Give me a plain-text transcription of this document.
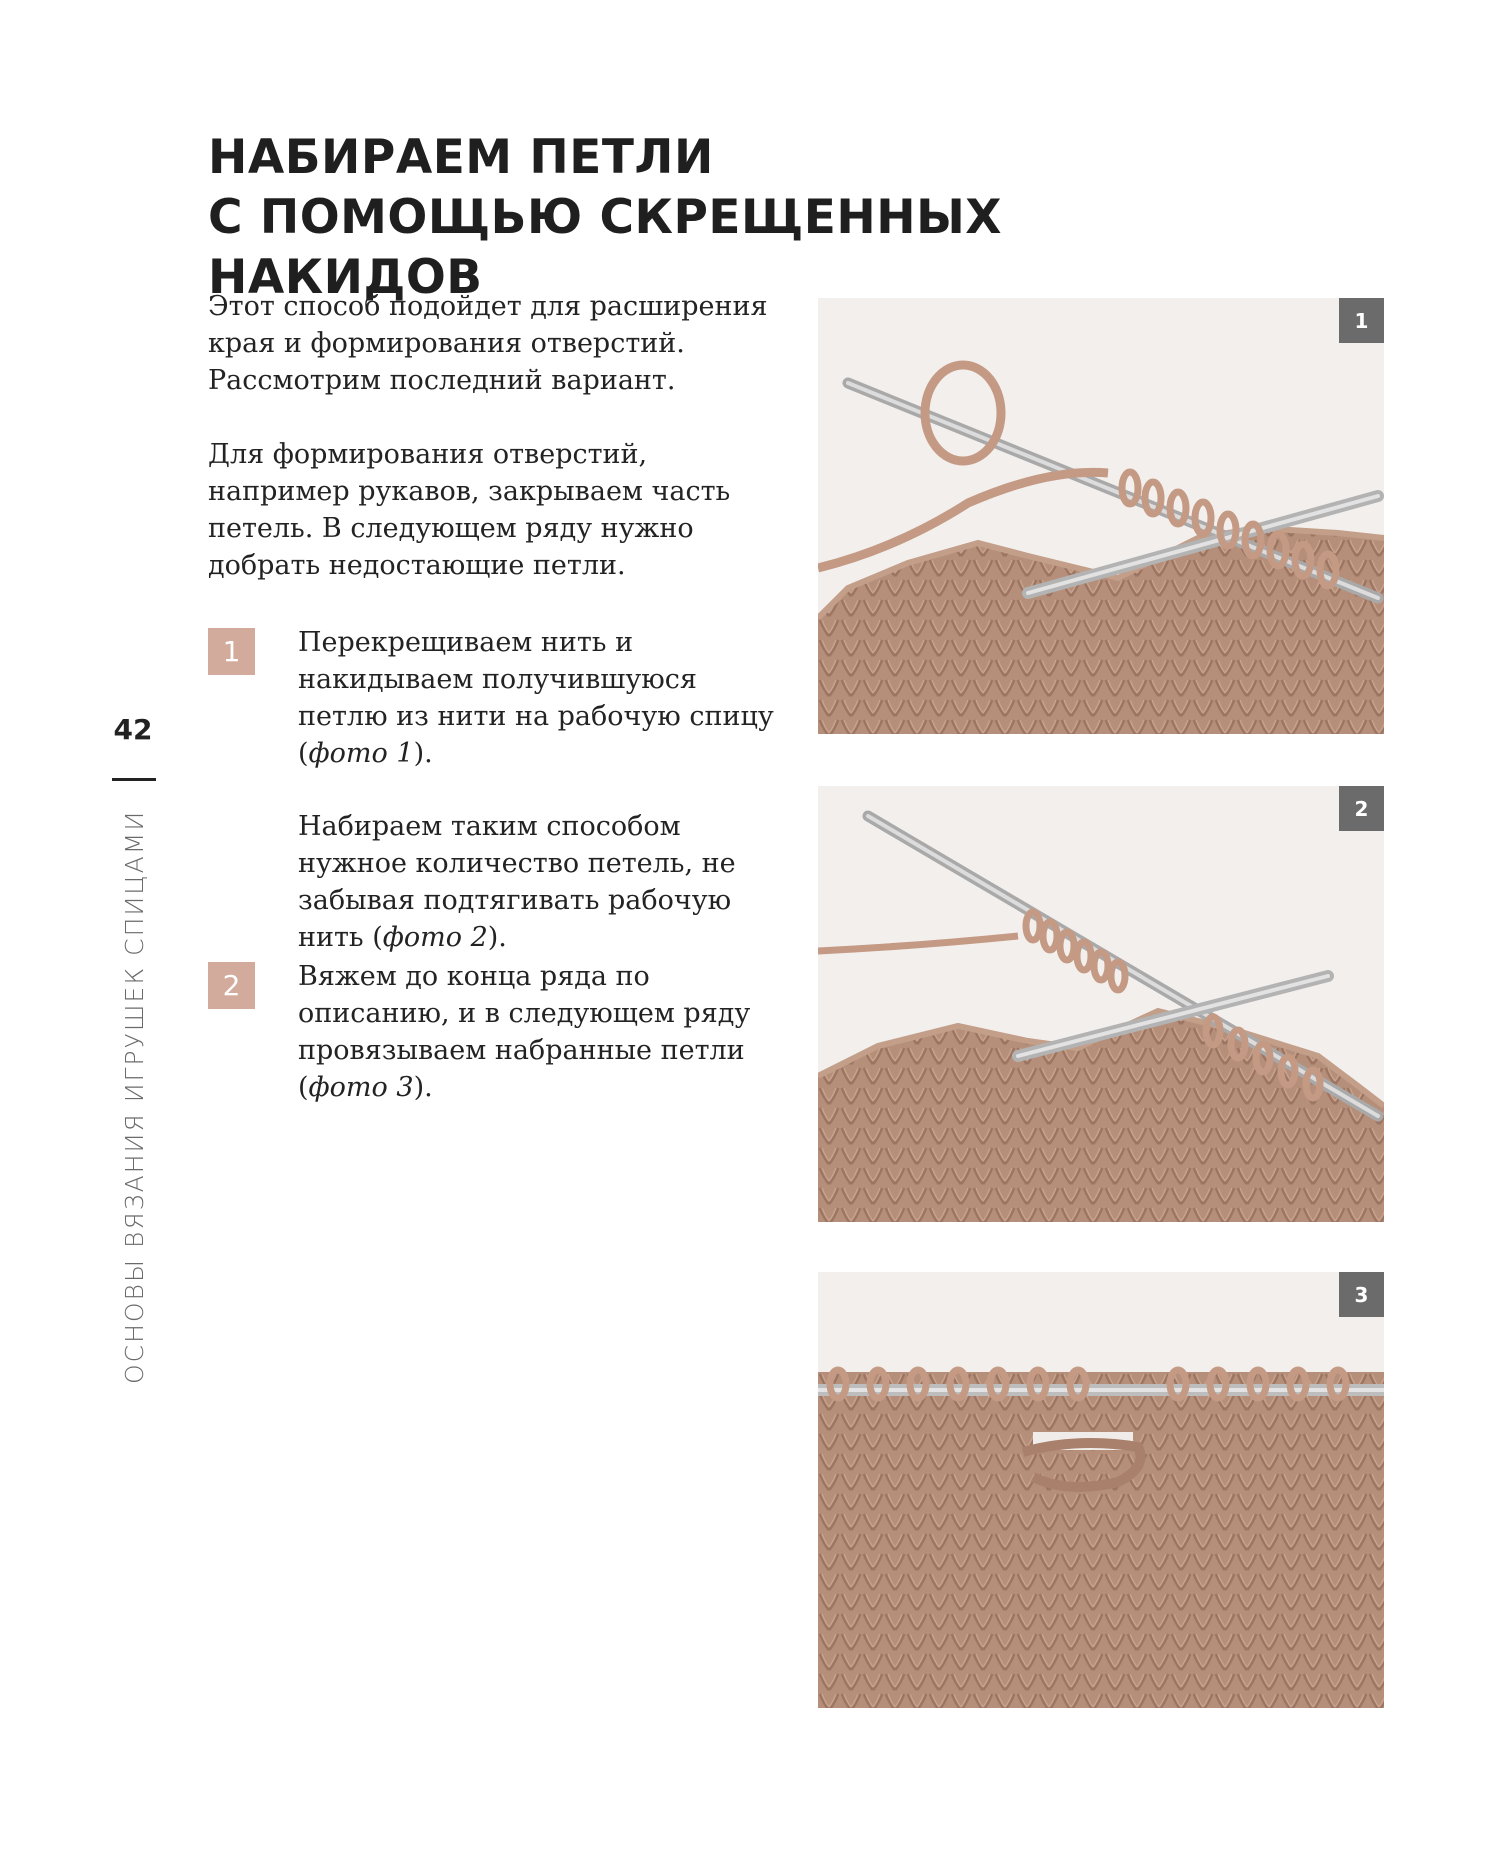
НАБИРАЕМ ПЕТЛИ
С ПОМОЩЬЮ СКРЕЩЕННЫХ НАКИДОВ

Этот способ подойдет для расширения края и формирования отверстий. Рассмотрим последний вариант.

Для формирования отверстий, например рукавов, закрываем часть петель. В следующем ряду нужно добрать недостающие петли.

1	Перекрещиваем нить и накидываем получившуюся петлю из нити на рабочую спицу (фото 1).

Набираем таким способом нужное количество петель, не забывая подтягивать рабочую нить (фото 2).

2	Вяжем до конца ряда по описанию, и в следующем ряду провязываем набранные петли (фото 3).

42
ОСНОВЫ ВЯЗАНИЯ ИГРУШЕК СПИЦАМИ
1
2
3
